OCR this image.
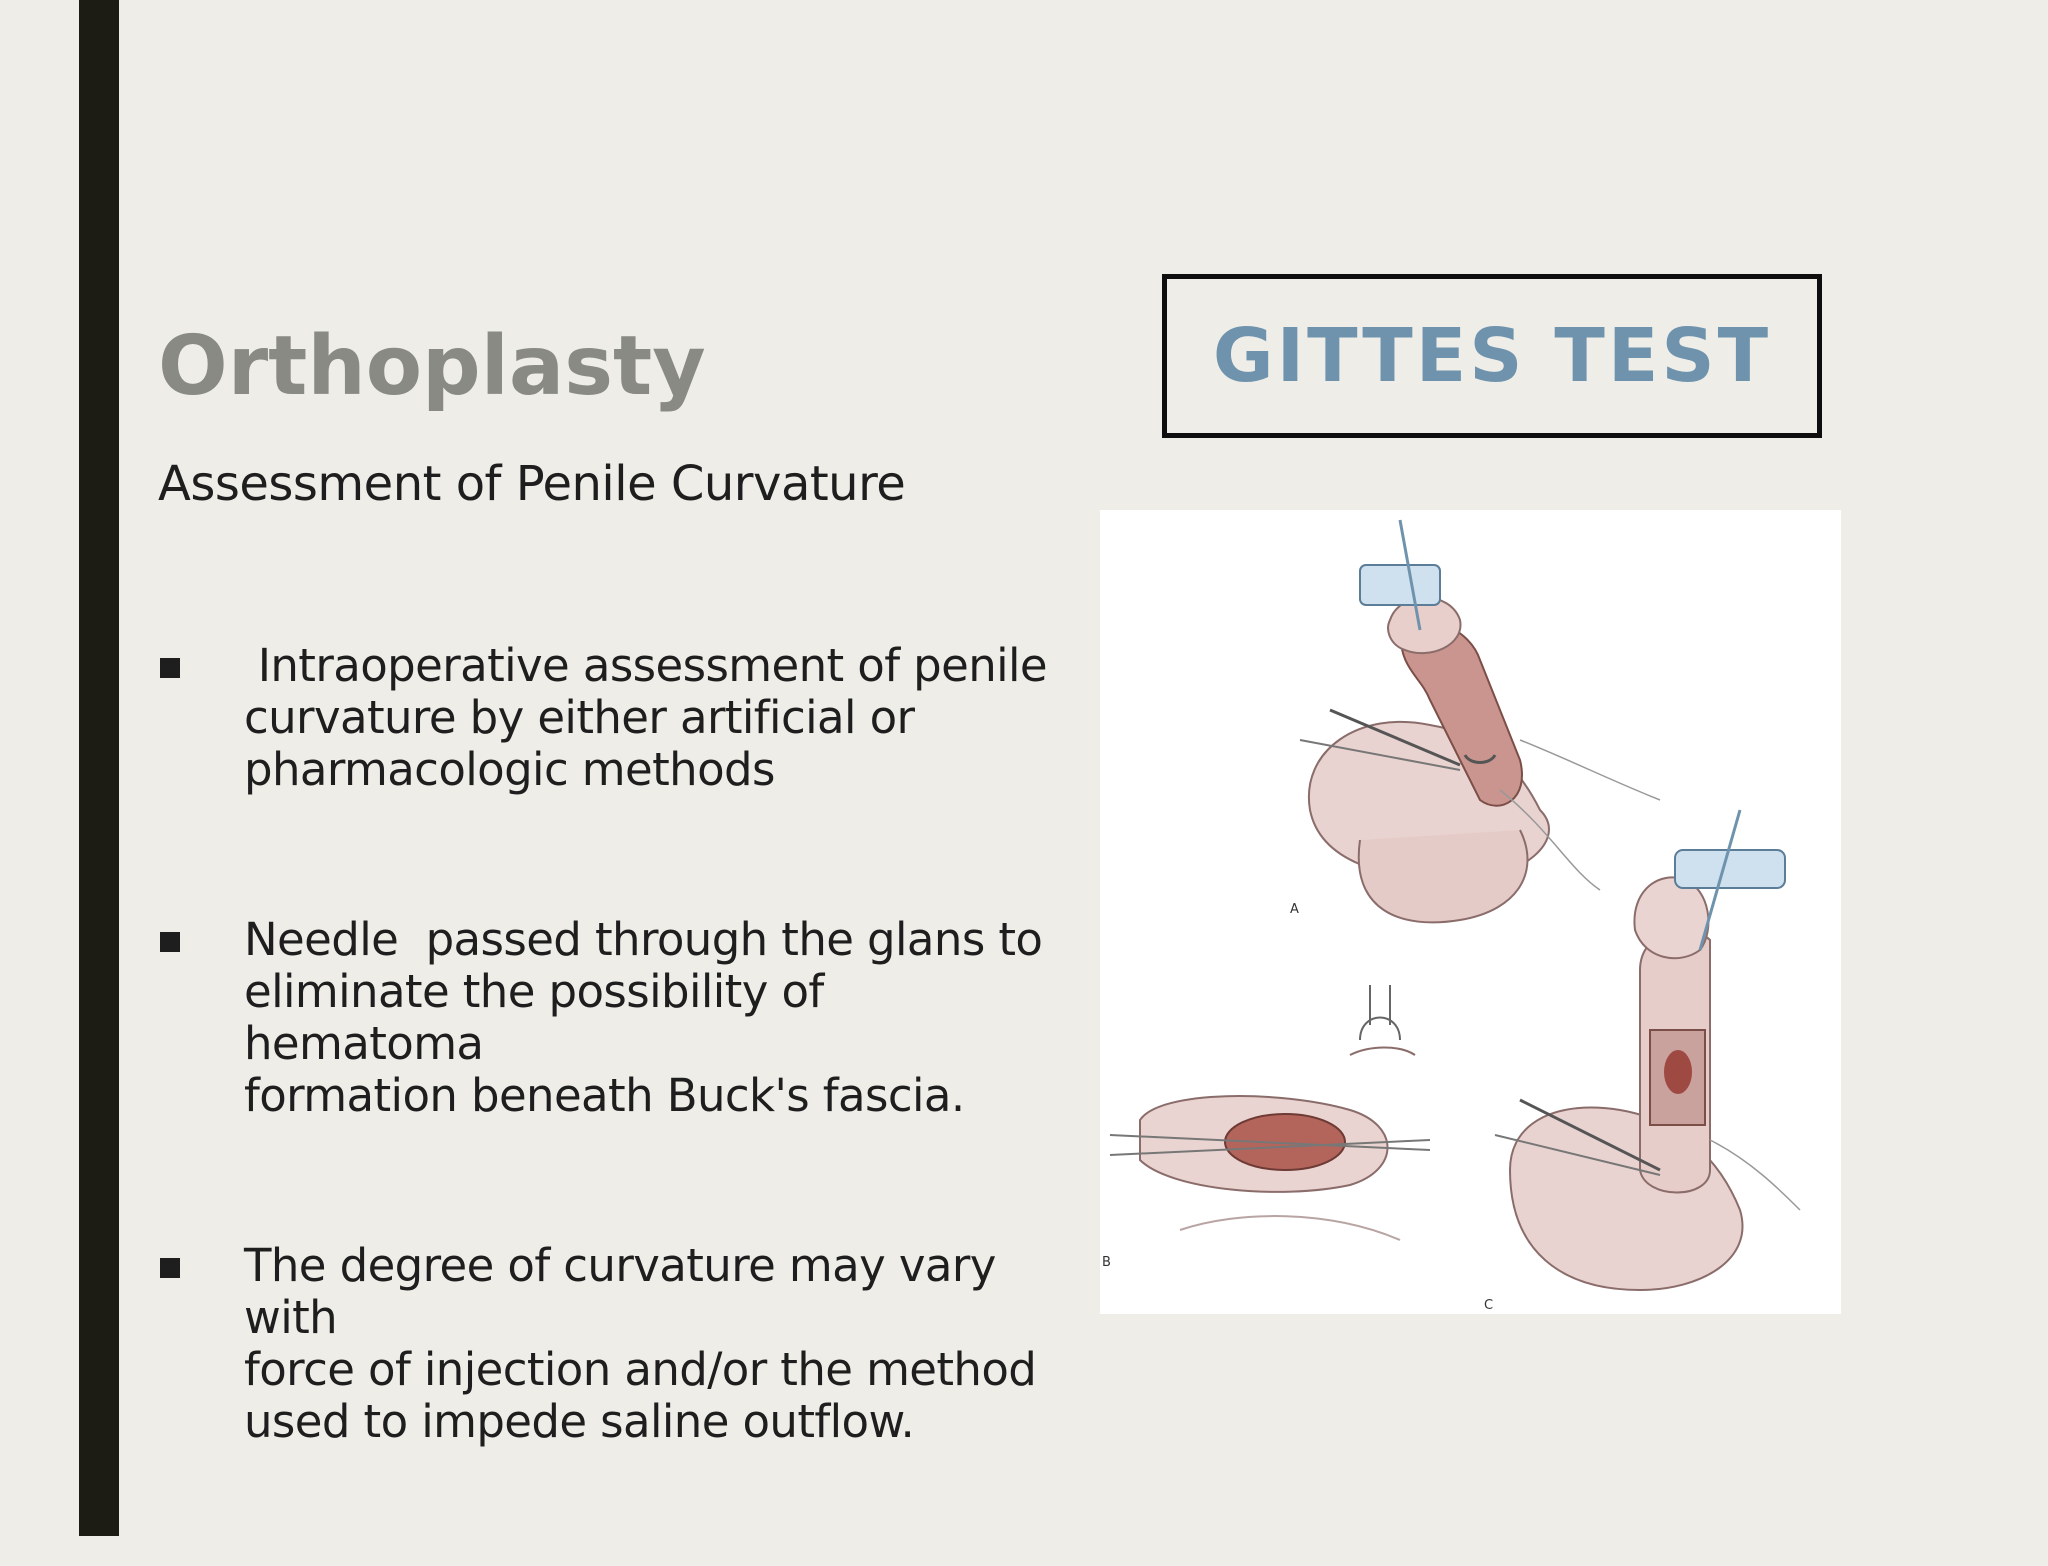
Orthoplasty
Assessment of Penile Curvature
Intraoperative assessment of penile
curvature by either artificial or
pharmacologic methods
Needle  passed through the glans to
eliminate the possibility of hematoma
formation beneath Buck's fascia.
The degree of curvature may vary with
force of injection and/or the method
used to impede saline outflow.
GITTES TEST
A
B
C
